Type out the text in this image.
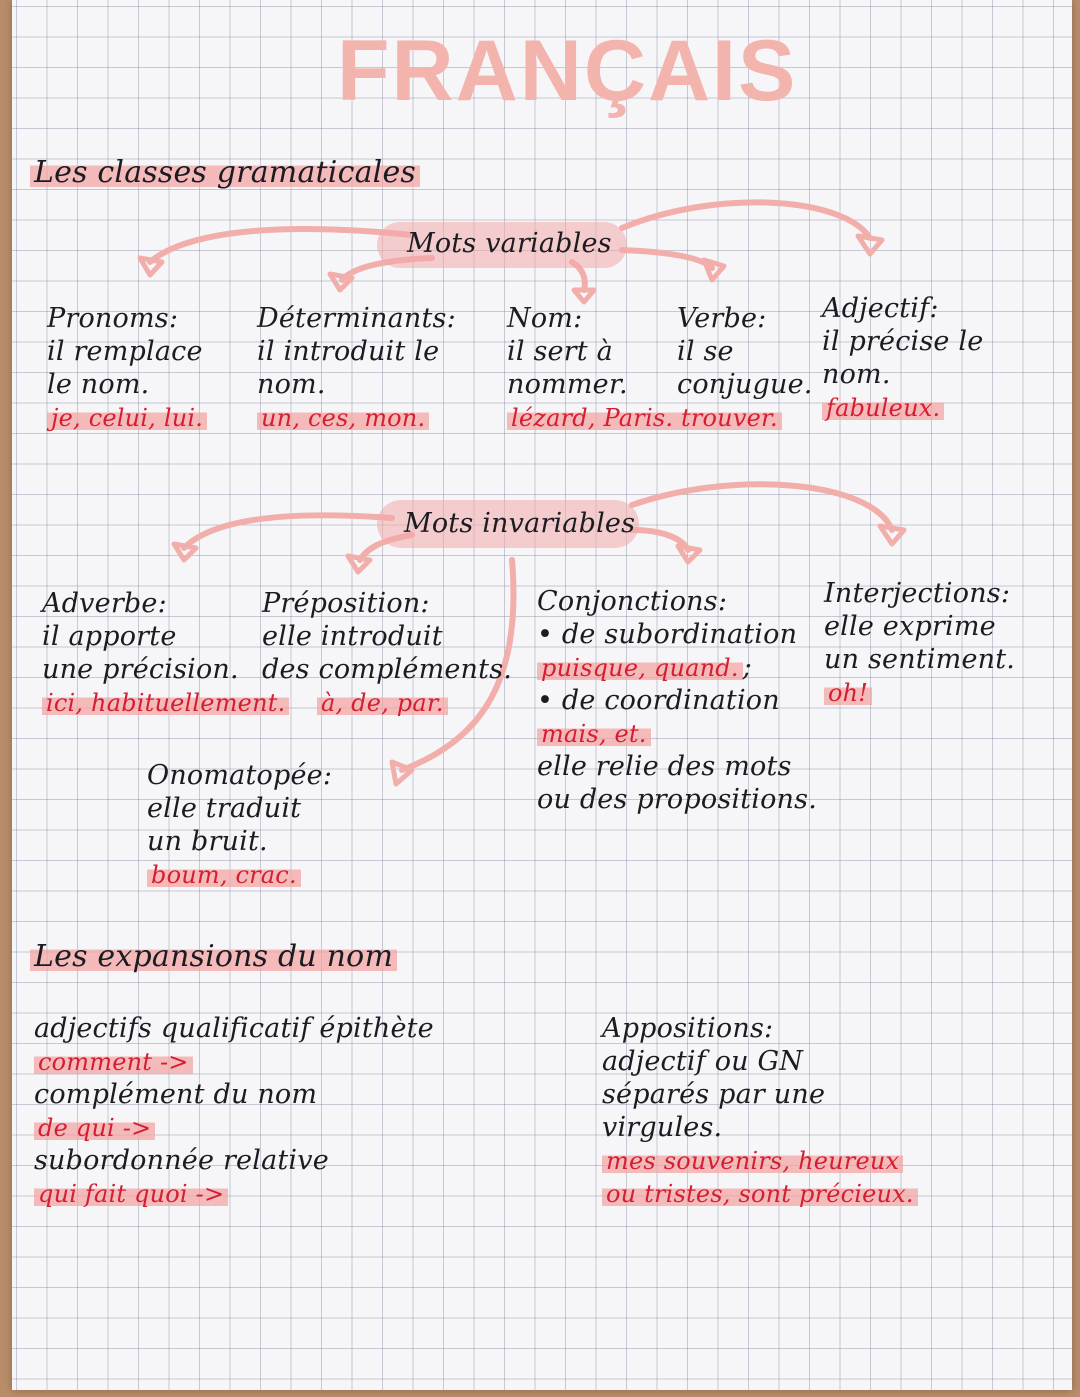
FRANÇAIS
Les classes gramaticales
Mots variables
Pronoms:
il remplace
le nom.
je, celui, lui.
Déterminants:
il introduit le
nom.
un, ces, mon.
Nom:
il sert à
nommer.
lézard, Paris.
Verbe:
il se
conjugue.
trouver.
Adjectif:
il précise le
nom.
fabuleux.
Mots invariables
Adverbe:
il apporte
une précision.
ici, habituellement.
Préposition:
elle introduit
des compléments.
à, de, par.
Conjonctions:
• de subordination
puisque, quand. ;
• de coordination
mais, et.
elle relie des mots
ou des propositions.
Interjections:
elle exprime
un sentiment.
oh!
Onomatopée:
elle traduit
un bruit.
boum, crac.
Les expansions du nom
adjectifs qualificatif épithète
comment ->
complément du nom
de qui ->
subordonnée relative
qui fait quoi ->
Appositions:
adjectif ou GN
séparés par une
virgules.
mes souvenirs, heureux
ou tristes, sont précieux.
